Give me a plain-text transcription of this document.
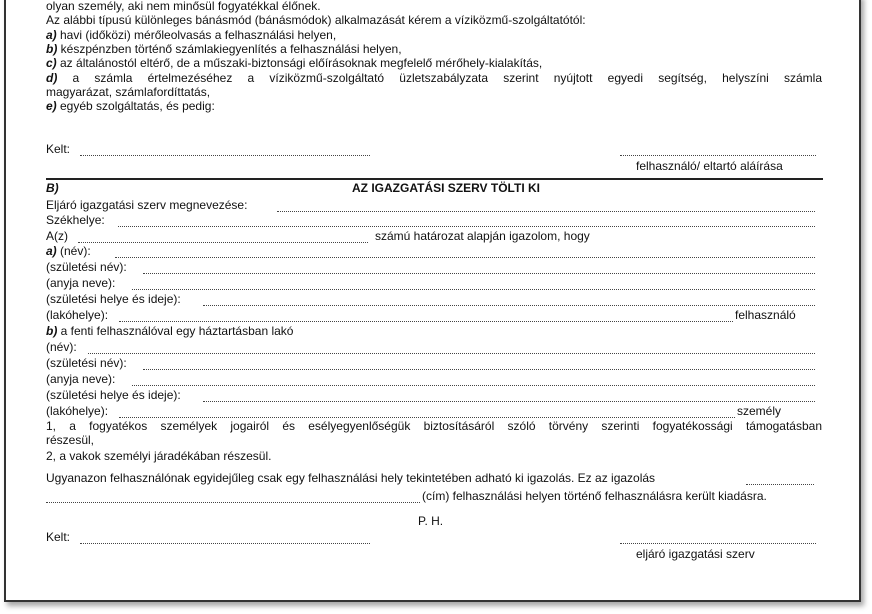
olyan személy, aki nem minősül fogyatékkal élőnek.
Az alábbi típusú különleges bánásmód (bánásmódok) alkalmazását kérem a víziközmű-szolgáltatótól:
a) havi (időközi) mérőleolvasás a felhasználási helyen,
b) készpénzben történő számlakiegyenlítés a felhasználási helyen,
c) az általánostól eltérő, de a műszaki-biztonsági előírásoknak megfelelő mérőhely-kialakítás,
d) a számla értelmezéséhez a víziközmű-szolgáltató üzletszabályzata szerint nyújtott egyedi segítség, helyszíni számla
magyarázat, számlafordíttatás,
e) egyéb szolgáltatás, és pedig:
Kelt:
felhasználó/ eltartó aláírása
B)	AZ IGAZGATÁSI SZERV TÖLTI KI
Eljáró igazgatási szerv megnevezése:
Székhelye:
A(z)	számú határozat alapján igazolom, hogy
a) (név):
(születési név):
(anyja neve):
(születési helye és ideje):
(lakóhelye):	felhasználó
b) a fenti felhasználóval egy háztartásban lakó
(név):
(születési név):
(anyja neve):
(születési helye és ideje):
(lakóhelye):	személy
1, a fogyatékos személyek jogairól és esélyegyenlőségük biztosításáról szóló törvény szerinti fogyatékossági támogatásban
részesül,
2, a vakok személyi járadékában részesül.
Ugyanazon felhasználónak egyidejűleg csak egy felhasználási hely tekintetében adható ki igazolás. Ez az igazolás
(cím) felhasználási helyen történő felhasználásra került kiadásra.
P. H.
Kelt:
eljáró igazgatási szerv
